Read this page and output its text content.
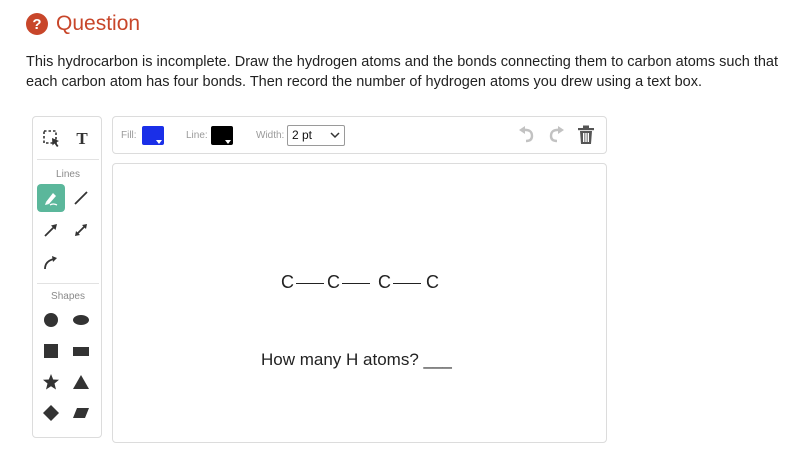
? Question
This hydrocarbon is incomplete. Draw the hydrogen atoms and the bonds connecting them to carbon atoms such that each carbon atom has four bonds. Then record the number of hydrogen atoms you drew using a text box.
T
Lines
Shapes
Fill:	Line:	Width: 2 pt
C C C C
How many H atoms? ___
